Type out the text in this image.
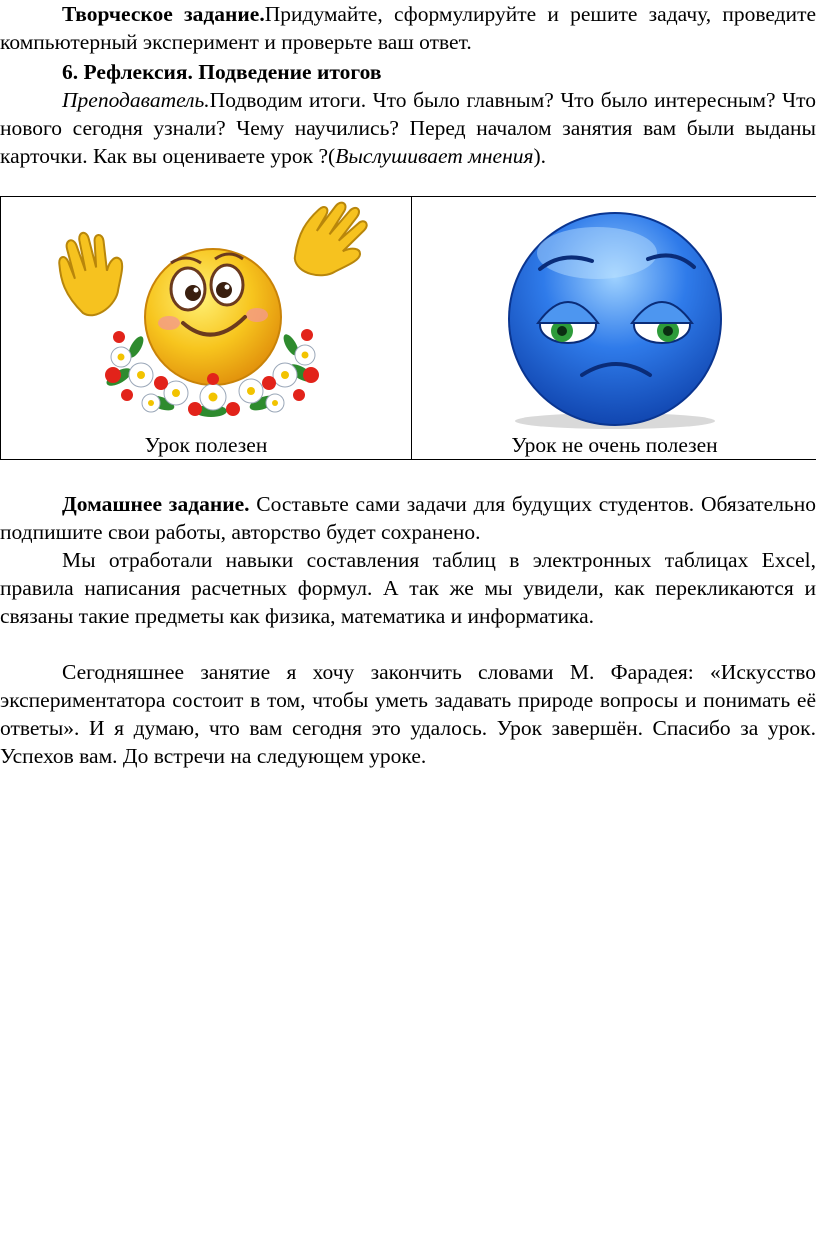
Творческое задание.Придумайте, сформулируйте и решите задачу, проведите компьютерный эксперимент и проверьте ваш ответ.

6. Рефлексия. Подведение итогов

Преподаватель.Подводим итоги. Что было главным? Что было интересным? Что нового сегодня узнали? Чему научились? Перед началом занятия вам были выданы карточки. Как вы оцениваете урок ?(Выслушивает мнения).

Урок полезен	Урок не очень полезен

Домашнее задание. Составьте сами задачи для будущих студентов. Обязательно подпишите свои работы, авторство будет сохранено.

Мы отработали навыки составления таблиц в электронных таблицах Excel, правила написания расчетных формул. А так же мы увидели, как перекликаются и связаны такие предметы как физика, математика и информатика.

Сегодняшнее занятие я хочу закончить словами М. Фарадея: «Искусство экспериментатора состоит в том, чтобы уметь задавать природе вопросы и понимать её ответы». И я думаю, что вам сегодня это удалось. Урок завершён. Спасибо за урок. Успехов вам. До встречи на следующем уроке.
